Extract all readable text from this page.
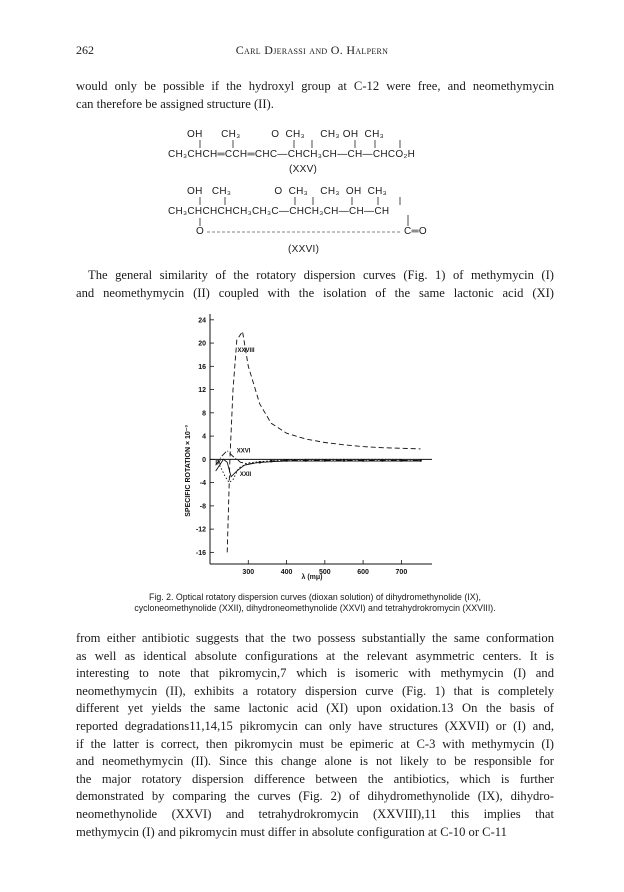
262	Carl Djerassi and O. Halpern
would only be possible if the hydroxyl group at C-12 were free, and neomethymycin
can therefore be assigned structure (II).
OH      CH₃          O  CH₃     CH₃ OH  CH₃
CH₃CHCH═CCH═CHC—CHCH₃CH—CH—CHCO₂H
(XXV)
OH   CH₃              O  CH₃    CH₃  OH  CH₃
CH₃CHCHCHCH₃CH₃C—CHCH₃CH—CH—CH
O	C═O
(XXVI)
The general similarity of the rotatory dispersion curves (Fig. 1) of methymycin (I)
and neomethymycin (II) coupled with the isolation of the same lactonic acid (XI)
24
20
16
12
8
4
0
-4
-8
-12
-16
300	400	500	600	700
SPECIFIC ROTATION × 10⁻³
XXVIII
XXVI
IX
XXII
λ (mμ)
Fig. 2. Optical rotatory dispersion curves (dioxan solution) of dihydromethynolide (IX),
cycloneomethynolide (XXII), dihydroneomethynolide (XXVI) and tetrahydrokromycin (XXVIII).
from either antibiotic suggests that the two possess substantially the same conformation
as well as identical absolute configurations at the relevant asymmetric centers. It is
interesting to note that pikromycin,7 which is isomeric with methymycin (I) and
neomethymycin (II), exhibits a rotatory dispersion curve (Fig. 1) that is completely
different yet yields the same lactonic acid (XI) upon oxidation.13 On the basis of
reported degradations11,14,15 pikromycin can only have structures (XXVII) or (I) and,
if the latter is correct, then pikromycin must be epimeric at C-3 with methymycin (I)
and neomethymycin (II). Since this change alone is not likely to be responsible for
the major rotatory dispersion difference between the antibiotics, which is further
demonstrated by comparing the curves (Fig. 2) of dihydromethynolide (IX), dihydro-
neomethynolide (XXVI) and tetrahydrokromycin (XXVIII),11 this implies that
methymycin (I) and pikromycin must differ in absolute configuration at C-10 or C-11
